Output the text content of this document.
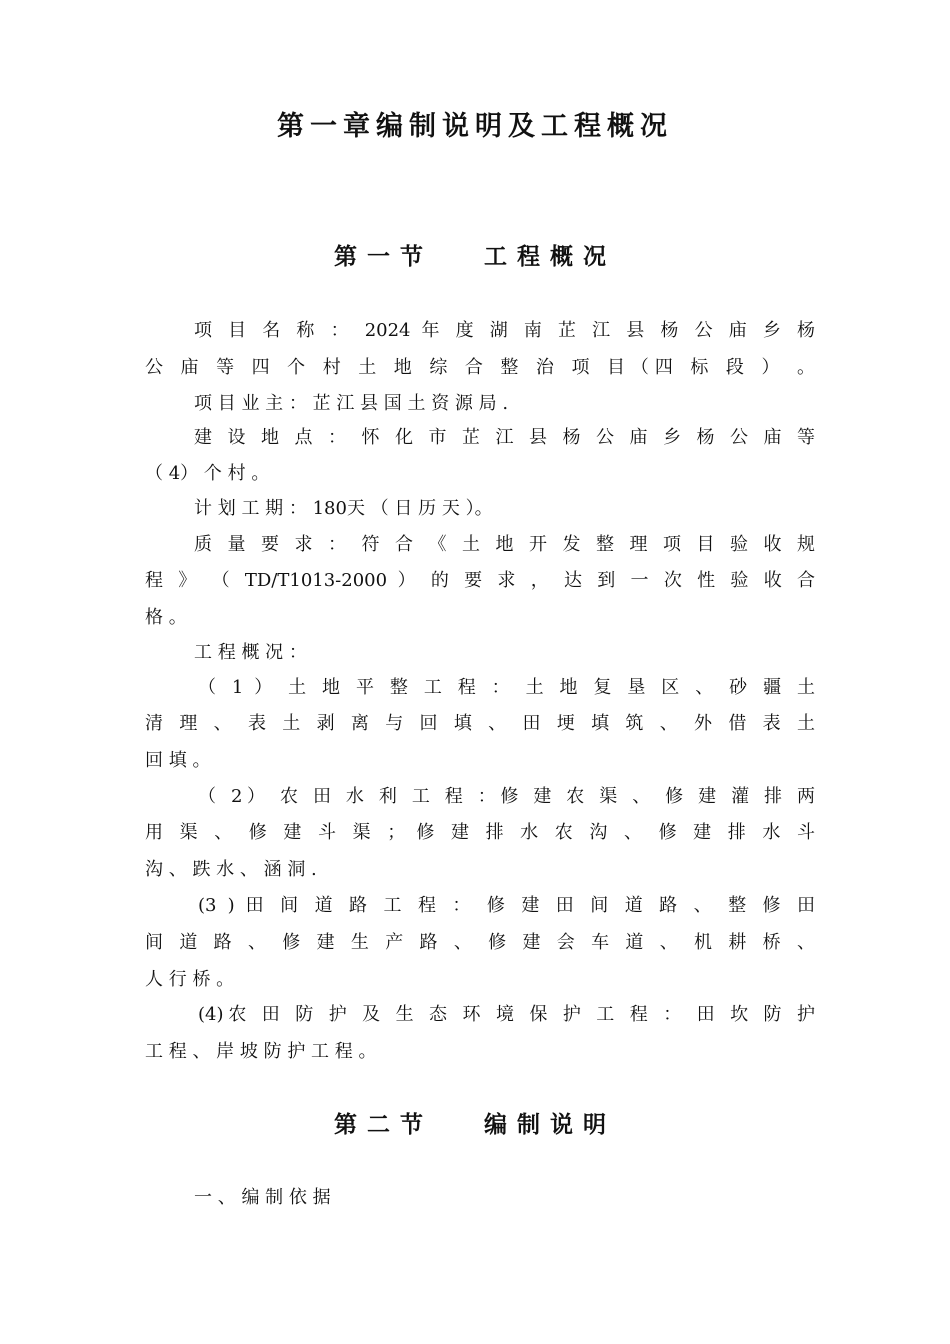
第一章编制说明及工程概况
第一节　 工程概况
项 目 名 称 ： 2024 年 度 湖 南 芷 江 县 杨 公 庙 乡 杨
公 庙 等 四 个 村 土 地 综 合 整 治 项 目（四 标 段 ） 。
项 目 业 主 ： 芷 江 县 国 土 资 源 局 .
建 设 地 点 ： 怀 化 市 芷 江 县 杨 公 庙 乡 杨 公 庙 等
（ 4） 个 村 。
计 划 工 期 ： 180天 （ 日 历 天 ）。
质 量 要 求 ： 符 合 《 土 地 开 发 整 理 项 目 验 收 规
程 》 （ TD/T1013-2000 ） 的 要 求 ， 达 到 一 次 性 验 收 合
格 。
工 程 概 况 ：
（ 1 ） 土 地 平 整 工 程 ： 土 地 复 垦 区 、 砂 疆 土
清 理 、 表 土 剥 离 与 回 填 、 田 埂 填 筑 、 外 借 表 土
回 填 。
（ 2） 农 田 水 利 工 程 ：修 建 农 渠 、 修 建 灌 排 两
用 渠 、 修 建 斗 渠 ； 修 建 排 水 农 沟 、 修 建 排 水 斗
沟 、 跌 水 、 涵 洞 .
(3 ) 田 间 道 路 工 程 ： 修 建 田 间 道 路 、 整 修 田
间 道 路 、 修 建 生 产 路 、 修 建 会 车 道 、 机 耕 桥 、
人 行 桥 。
(4)农 田 防 护 及 生 态 环 境 保 护 工 程 ： 田 坎 防 护
工 程 、 岸 坡 防 护 工 程 。
第二节　 编制说明
一 、 编 制 依 据
